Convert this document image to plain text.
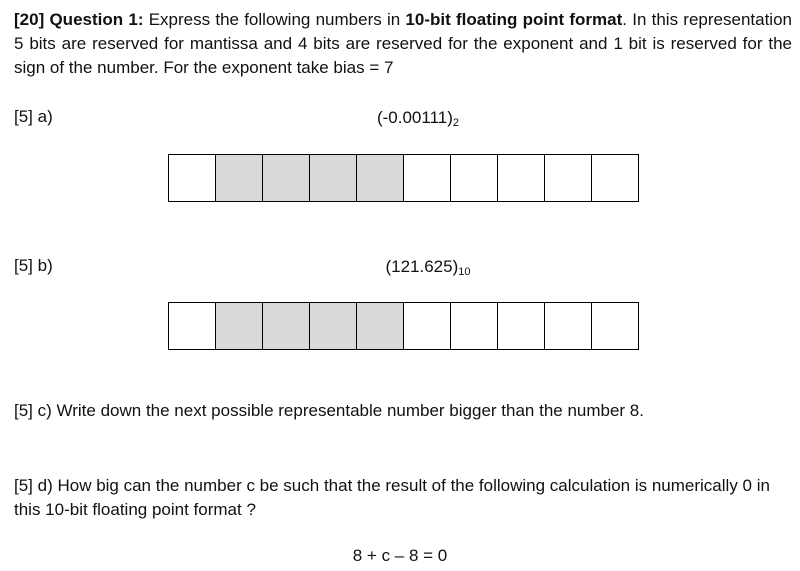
[20] Question 1: Express the following numbers in 10-bit floating point format. In this representation 5 bits are reserved for mantissa and 4 bits are reserved for the exponent and 1 bit is reserved for the sign of the number. For the exponent take bias = 7

[5] a)	$(-0.00111)_2$
[5] b)	$(121.625)_{10}$

[5] c) Write down the next possible representable number bigger than the number 8.

[5] d) How big can the number c be such that the result of the following calculation is numerically 0 in this 10-bit floating point format ?

8 + c – 8 = 0
